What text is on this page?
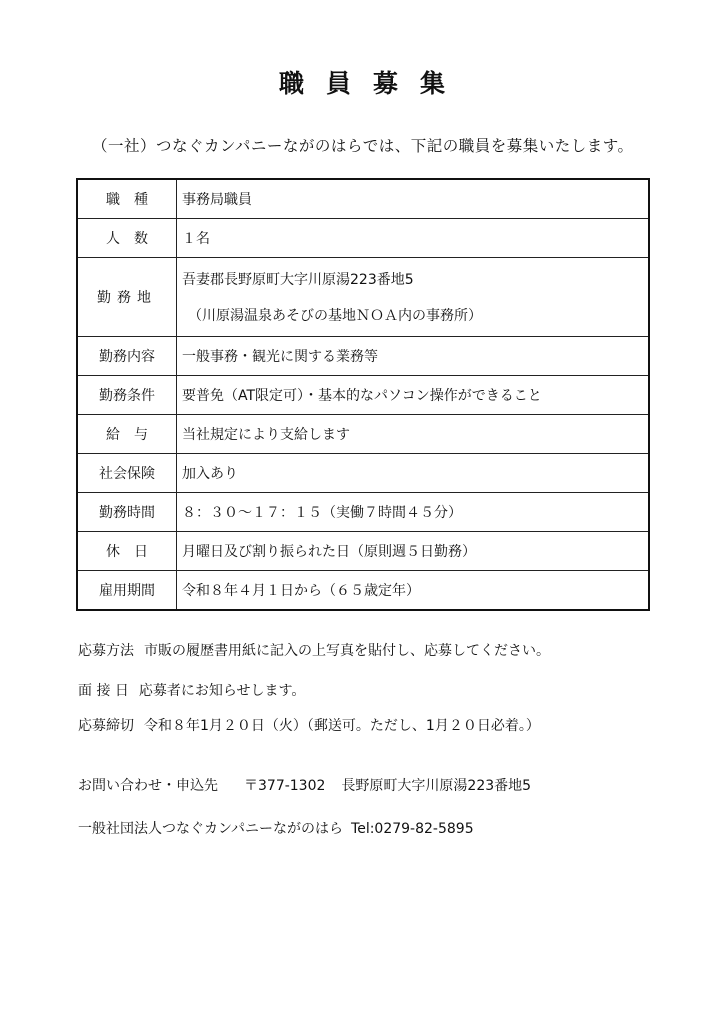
職員募集
（一社）つなぐカンパニーながのはらでは、下記の職員を募集いたします。
職　種	事務局職員
人　数	１名
勤務地	吾妻郡長野原町大字川原湯223番地5
（川原湯温泉あそびの基地ＮＯＡ内の事務所）

勤務内容	一般事務・観光に関する業務等
勤務条件	要普免（AT限定可）・基本的なパソコン操作ができること
給　与	当社規定により支給します
社会保険	加入あり
勤務時間	８：３０～１７：１５（実働７時間４５分）
休　日	月曜日及び割り振られた日（原則週５日勤務）
雇用期間	令和８年４月１日から（６５歳定年）
応募方法 市販の履歴書用紙に記入の上写真を貼付し、応募してください。
面 接 日 応募者にお知らせします。
応募締切 令和８年1月２０日（火）（郵送可。ただし、1月２０日必着。）
お問い合わせ・申込先 〒377-1302 長野原町大字川原湯223番地5
一般社団法人つなぐカンパニーながのはら Tel:0279-82-5895
